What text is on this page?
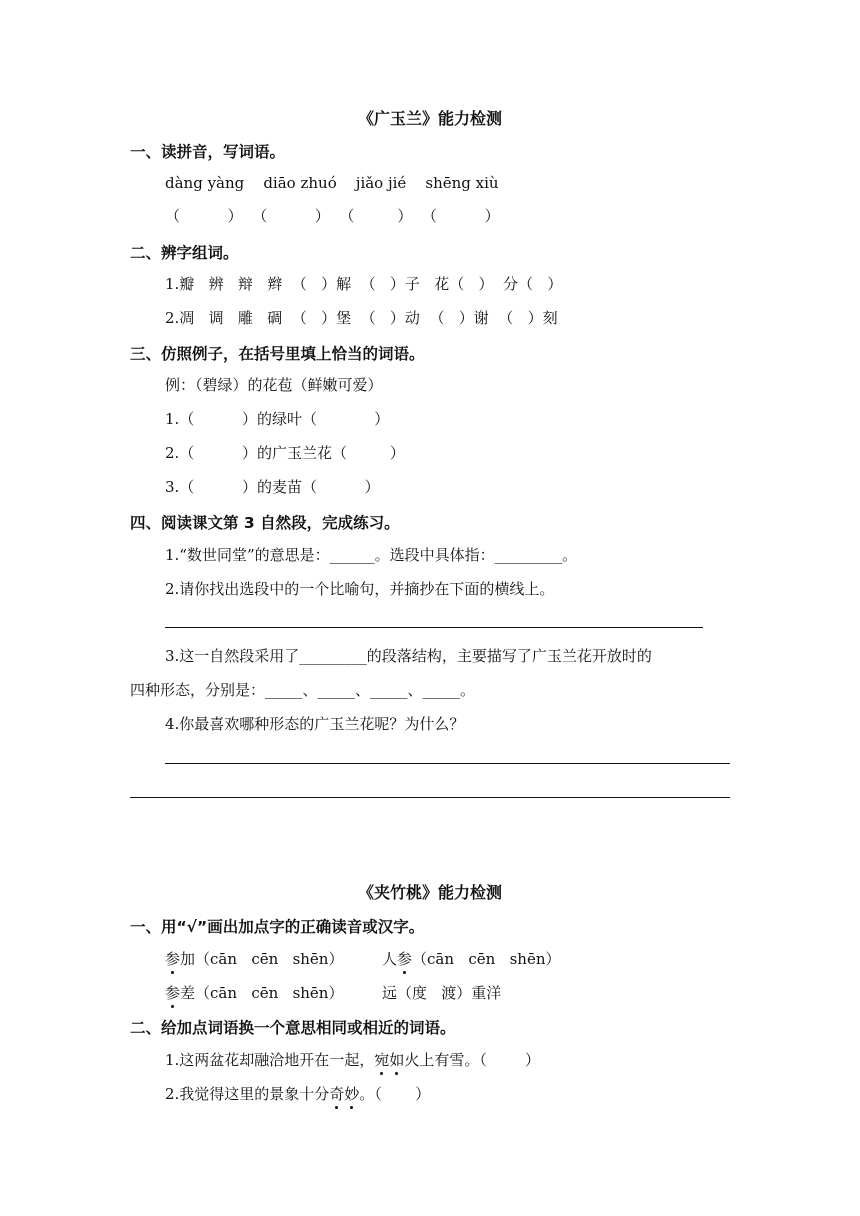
《广玉兰》能力检测
一、读拼音，写词语。
dàng yàng    diāo zhuó    jiǎo jié    shēng xiù
（          ）  （          ）  （         ）  （          ）
二、辨字组词。
1.瓣   辨   辩   辫  （   ）解  （   ）子   花（   ）  分（   ）
2.凋   调   雕   碉  （   ）堡  （   ）动  （   ）谢  （   ）刻
三、仿照例子，在括号里填上恰当的词语。
例：（碧绿）的花苞（鲜嫩可爱）
1.（          ）的绿叶（            ）
2.（          ）的广玉兰花（         ）
3.（          ）的麦苗（          ）
四、阅读课文第 3 自然段，完成练习。
1.“数世同堂”的意思是：______。选段中具体指：_________。
2.请你找出选段中的一个比喻句，并摘抄在下面的横线上。
3.这一自然段采用了_________的段落结构，主要描写了广玉兰花开放时的
四种形态，分别是：_____、_____、_____、_____。
4.你最喜欢哪种形态的广玉兰花呢？为什么？
《夹竹桃》能力检测
一、用“√”画出加点字的正确读音或汉字。
参加（cān   cēn   shēn）	人参（cān   cēn   shēn）
参差（cān   cēn   shēn）	远（度   渡）重洋
二、给加点词语换一个意思相同或相近的词语。
1.这两盆花却融洽地开在一起，宛如火上有雪。（        ）
2.我觉得这里的景象十分奇妙。（       ）
